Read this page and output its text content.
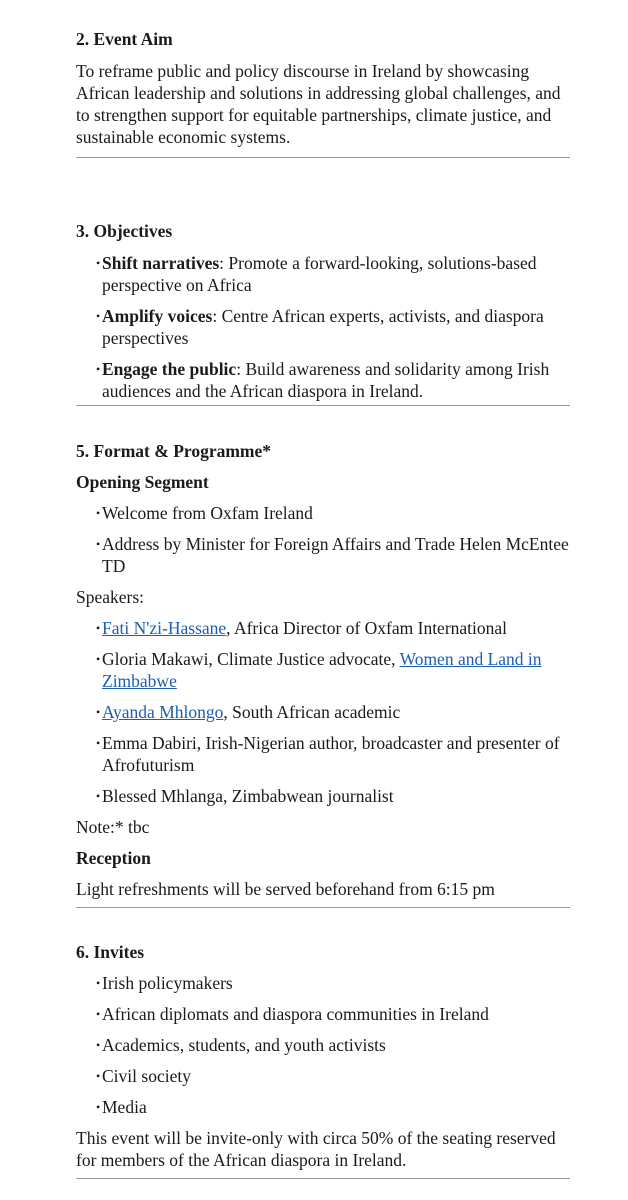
2. Event Aim

To reframe public and policy discourse in Ireland by showcasing African leadership and solutions in addressing global challenges, and to strengthen support for equitable partnerships, climate justice, and sustainable economic systems.

3. Objectives

• Shift narratives: Promote a forward-looking, solutions-based perspective on Africa
• Amplify voices: Centre African experts, activists, and diaspora perspectives
• Engage the public: Build awareness and solidarity among Irish audiences and the African diaspora in Ireland.

5. Format & Programme*

Opening Segment

• Welcome from Oxfam Ireland
• Address by Minister for Foreign Affairs and Trade Helen McEntee TD

Speakers:

• Fati N'zi-Hassane, Africa Director of Oxfam International
• Gloria Makawi, Climate Justice advocate, Women and Land in Zimbabwe
• Ayanda Mhlongo, South African academic
• Emma Dabiri, Irish-Nigerian author, broadcaster and presenter of Afrofuturism
• Blessed Mhlanga, Zimbabwean journalist

Note:* tbc

Reception

Light refreshments will be served beforehand from 6:15 pm

6. Invites

• Irish policymakers
• African diplomats and diaspora communities in Ireland
• Academics, students, and youth activists
• Civil society
• Media

This event will be invite-only with circa 50% of the seating reserved for members of the African diaspora in Ireland.
